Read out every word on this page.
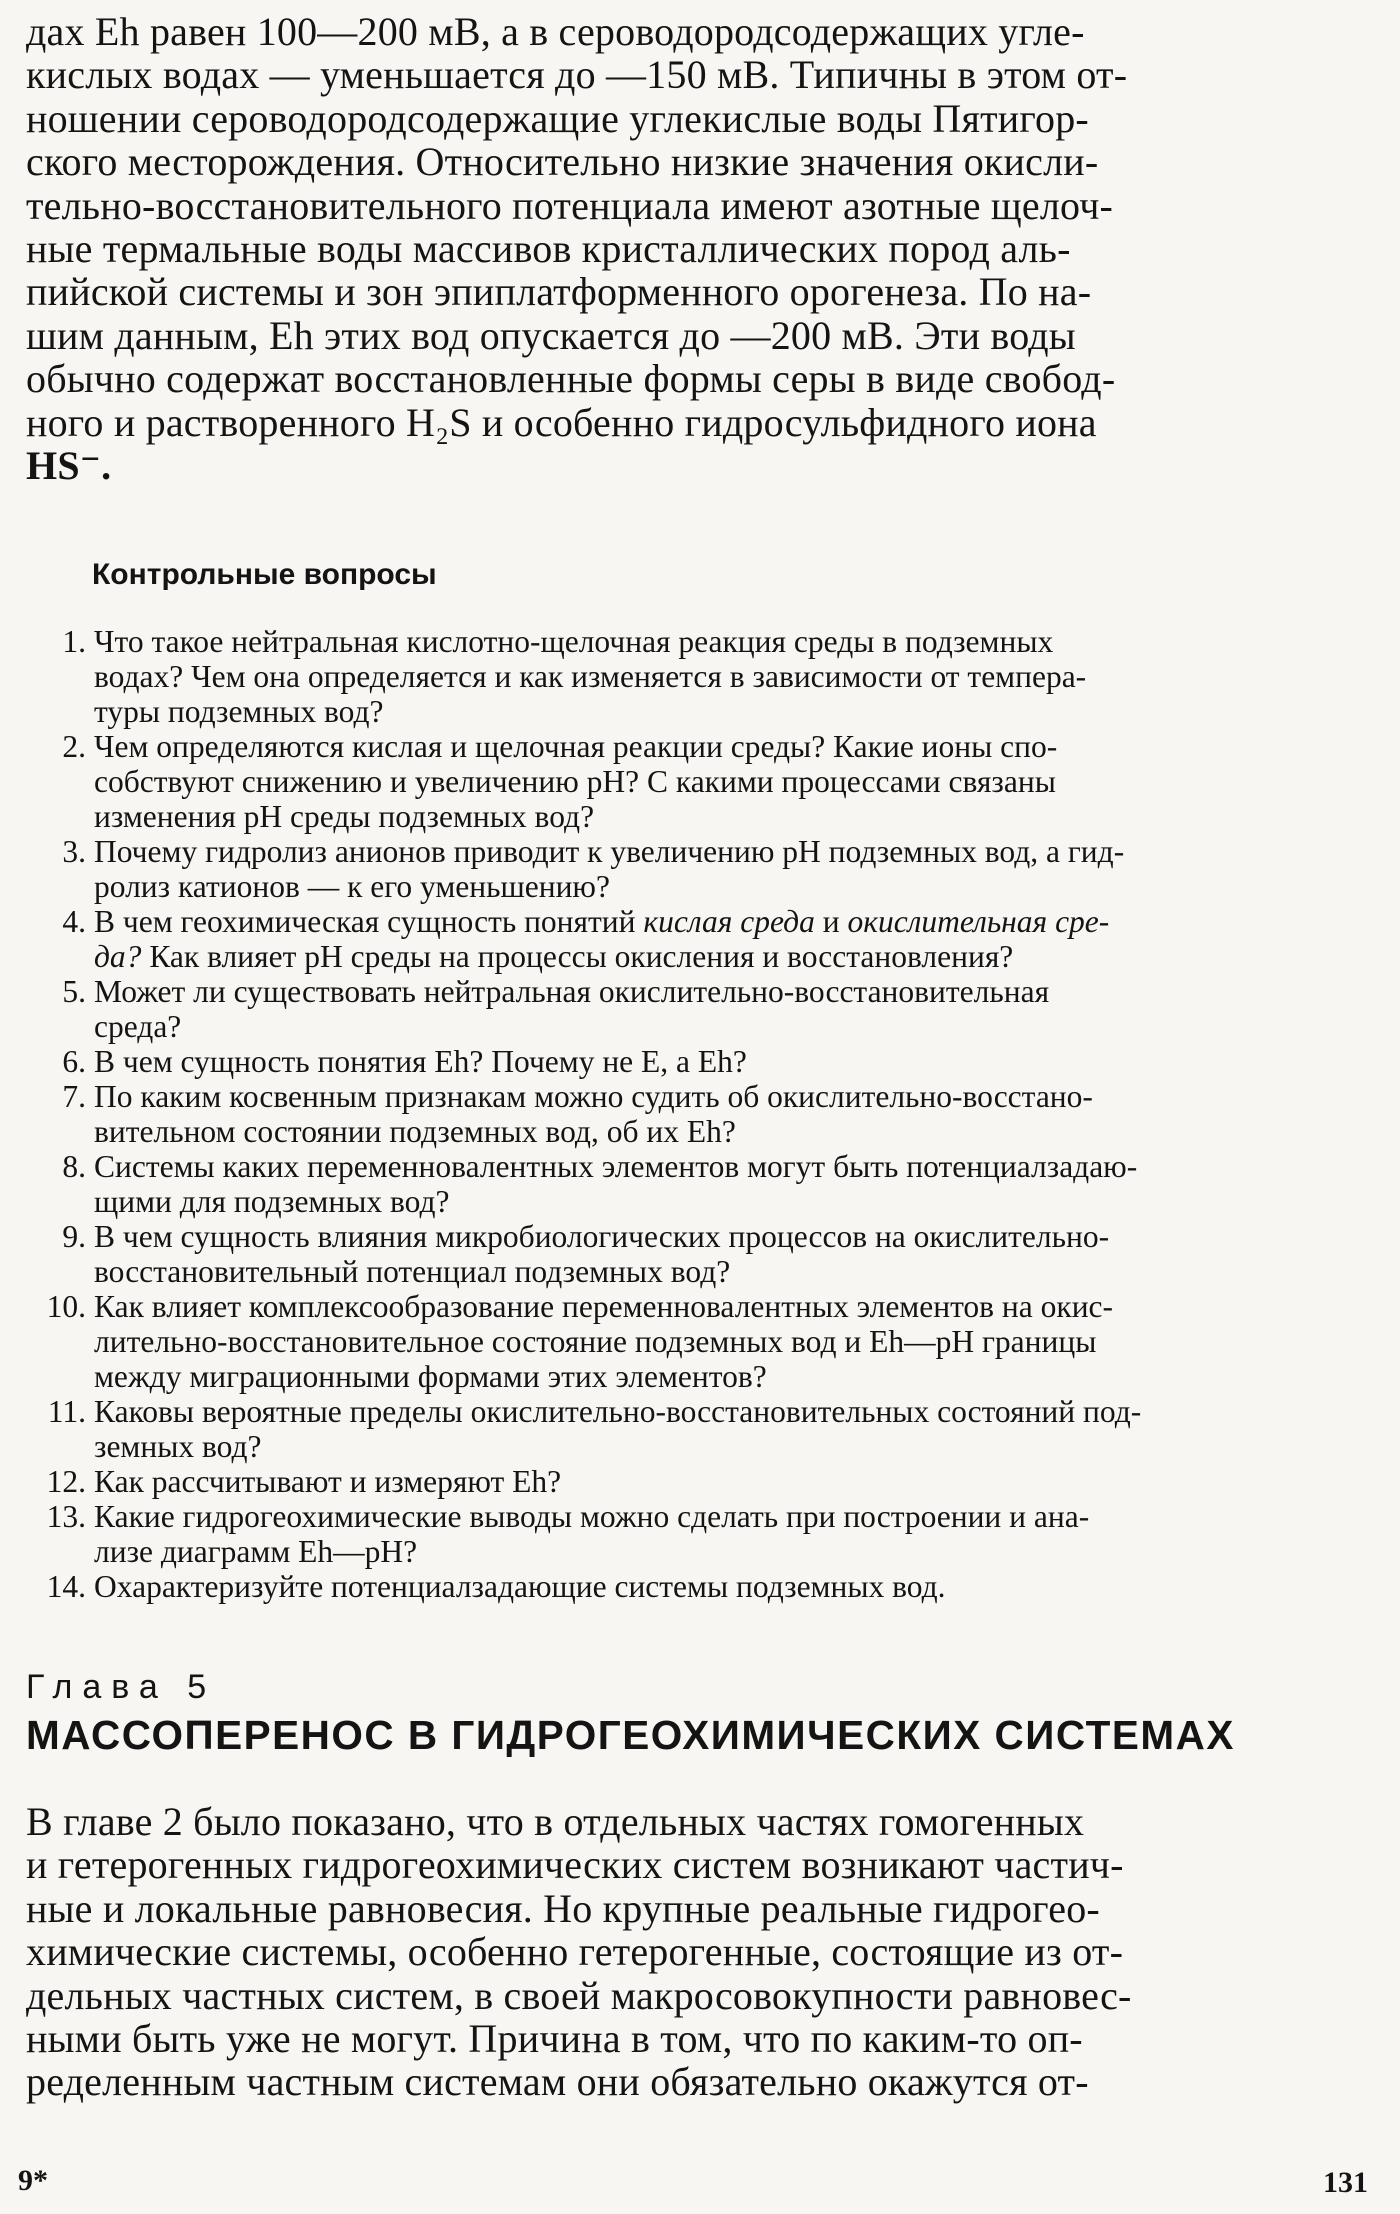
дах Eh равен 100—200 мВ, а в сероводородсодержащих угле-
кислых водах — уменьшается до —150 мВ. Типичны в этом от-
ношении сероводородсодержащие углекислые воды Пятигор-
ского месторождения. Относительно низкие значения окисли-
тельно-восстановительного потенциала имеют азотные щелоч-
ные термальные воды массивов кристаллических пород аль-
пийской системы и зон эпиплатформенного орогенеза. По на-
шим данным, Eh этих вод опускается до —200 мВ. Эти воды
обычно содержат восстановленные формы серы в виде свобод-
ного и растворенного H₂S и особенно гидросульфидного иона
HS⁻.
Контрольные вопросы
1. Что такое нейтральная кислотно-щелочная реакция среды в подземных
водах? Чем она определяется и как изменяется в зависимости от темпера-
туры подземных вод?
2. Чем определяются кислая и щелочная реакции среды? Какие ионы спо-
собствуют снижению и увеличению pH? С какими процессами связаны
изменения pH среды подземных вод?
3. Почему гидролиз анионов приводит к увеличению pH подземных вод, а гид-
ролиз катионов — к его уменьшению?
4. В чем геохимическая сущность понятий кислая среда и окислительная сре-
да? Как влияет pH среды на процессы окисления и восстановления?
5. Может ли существовать нейтральная окислительно-восстановительная
среда?
6. В чем сущность понятия Eh? Почему не E, а Eh?
7. По каким косвенным признакам можно судить об окислительно-восстано-
вительном состоянии подземных вод, об их Eh?
8. Системы каких переменновалентных элементов могут быть потенциалзадаю-
щими для подземных вод?
9. В чем сущность влияния микробиологических процессов на окислительно-
восстановительный потенциал подземных вод?
10. Как влияет комплексообразование переменновалентных элементов на окис-
лительно-восстановительное состояние подземных вод и Eh—pH границы
между миграционными формами этих элементов?
11. Каковы вероятные пределы окислительно-восстановительных состояний под-
земных вод?
12. Как рассчитывают и измеряют Eh?
13. Какие гидрогеохимические выводы можно сделать при построении и ана-
лизе диаграмм Eh—pH?
14. Охарактеризуйте потенциалзадающие системы подземных вод.
Глава 5
МАССОПЕРЕНОС В ГИДРОГЕОХИМИЧЕСКИХ СИСТЕМАХ
В главе 2 было показано, что в отдельных частях гомогенных
и гетерогенных гидрогеохимических систем возникают частич-
ные и локальные равновесия. Но крупные реальные гидрогео-
химические системы, особенно гетерогенные, состоящие из от-
дельных частных систем, в своей макросовокупности равновес-
ными быть уже не могут. Причина в том, что по каким-то оп-
ределенным частным системам они обязательно окажутся от-
9*	131
